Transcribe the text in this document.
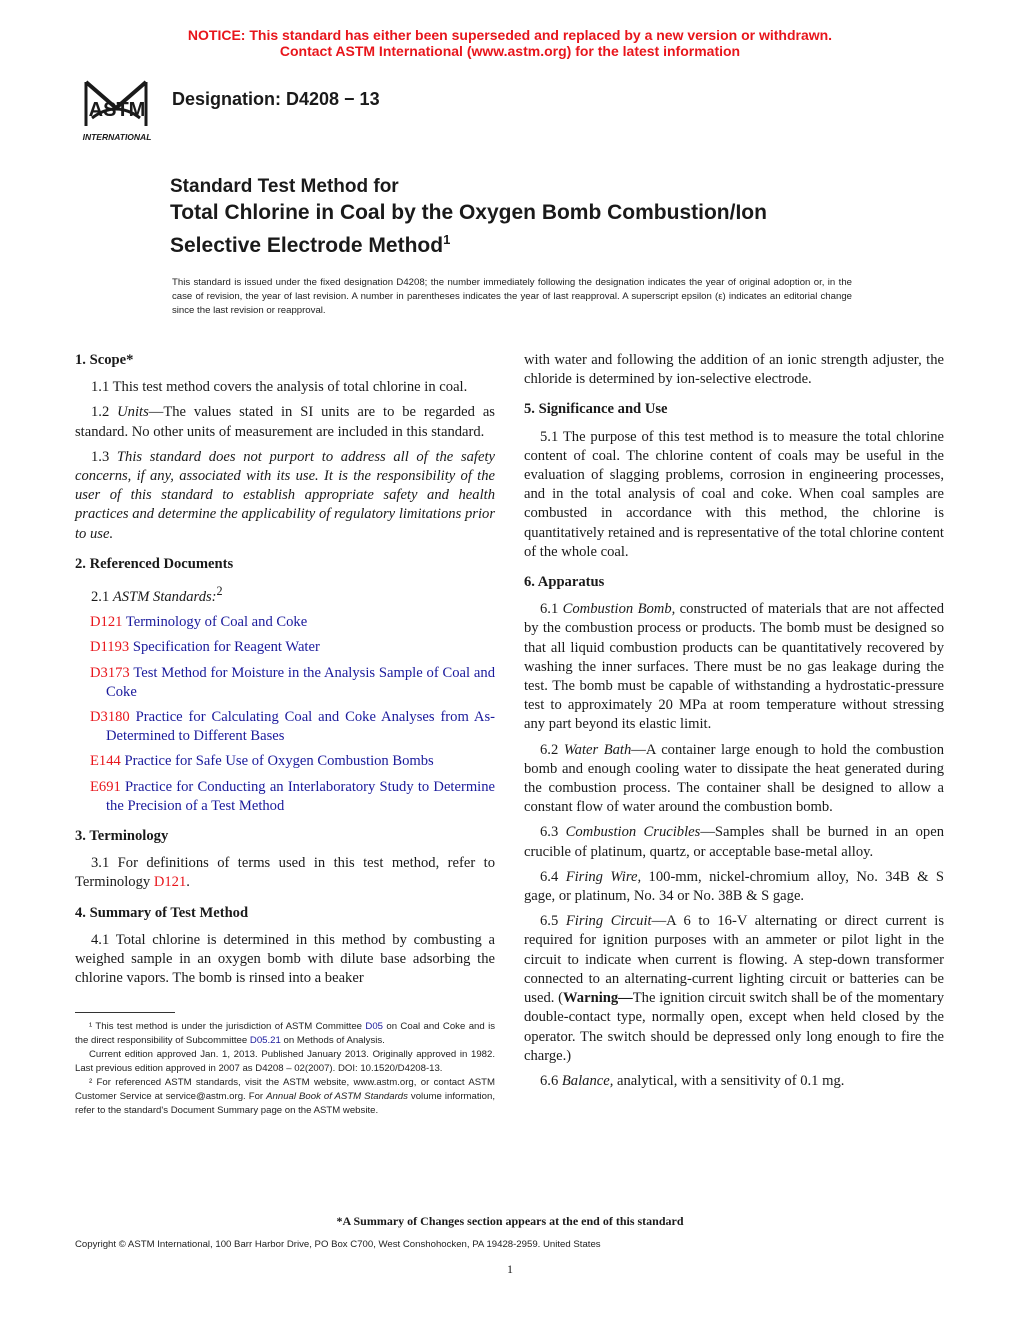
NOTICE: This standard has either been superseded and replaced by a new version or withdrawn.
Contact ASTM International (www.astm.org) for the latest information
ASTM
INTERNATIONAL
Designation: D4208 − 13
Standard Test Method for
Total Chlorine in Coal by the Oxygen Bomb Combustion/Ion
Selective Electrode Method$^1$
This standard is issued under the fixed designation D4208; the number immediately following the designation indicates the year of original adoption or, in the case of revision, the year of last revision. A number in parentheses indicates the year of last reapproval. A superscript epsilon (ε) indicates an editorial change since the last revision or reapproval.
1. Scope*

1.1 This test method covers the analysis of total chlorine in coal.

1.2 Units—The values stated in SI units are to be regarded as standard. No other units of measurement are included in this standard.

1.3 This standard does not purport to address all of the safety concerns, if any, associated with its use. It is the responsibility of the user of this standard to establish appropriate safety and health practices and determine the applicability of regulatory limitations prior to use.

2. Referenced Documents

2.1 ASTM Standards:$^2$

D121 Terminology of Coal and Coke

D1193 Specification for Reagent Water

D3173 Test Method for Moisture in the Analysis Sample of Coal and Coke

D3180 Practice for Calculating Coal and Coke Analyses from As-Determined to Different Bases

E144 Practice for Safe Use of Oxygen Combustion Bombs

E691 Practice for Conducting an Interlaboratory Study to Determine the Precision of a Test Method

3. Terminology

3.1 For definitions of terms used in this test method, refer to Terminology D121.

4. Summary of Test Method

4.1 Total chlorine is determined in this method by combusting a weighed sample in an oxygen bomb with dilute base adsorbing the chlorine vapors. The bomb is rinsed into a beaker

with water and following the addition of an ionic strength adjuster, the chloride is determined by ion-selective electrode.

5. Significance and Use

5.1 The purpose of this test method is to measure the total chlorine content of coal. The chlorine content of coals may be useful in the evaluation of slagging problems, corrosion in engineering processes, and in the total analysis of coal and coke. When coal samples are combusted in accordance with this method, the chlorine is quantitatively retained and is representative of the total chlorine content of the whole coal.

6. Apparatus

6.1 Combustion Bomb, constructed of materials that are not affected by the combustion process or products. The bomb must be designed so that all liquid combustion products can be quantitatively recovered by washing the inner surfaces. There must be no gas leakage during the test. The bomb must be capable of withstanding a hydrostatic-pressure test to approximately 20 MPa at room temperature without stressing any part beyond its elastic limit.

6.2 Water Bath—A container large enough to hold the combustion bomb and enough cooling water to dissipate the heat generated during the combustion process. The container shall be designed to allow a constant flow of water around the combustion bomb.

6.3 Combustion Crucibles—Samples shall be burned in an open crucible of platinum, quartz, or acceptable base-metal alloy.

6.4 Firing Wire, 100-mm, nickel-chromium alloy, No. 34B & S gage, or platinum, No. 34 or No. 38B & S gage.

6.5 Firing Circuit—A 6 to 16-V alternating or direct current is required for ignition purposes with an ammeter or pilot light in the circuit to indicate when current is flowing. A step-down transformer connected to an alternating-current lighting circuit or batteries can be used. (Warning—The ignition circuit switch shall be of the momentary double-contact type, normally open, except when held closed by the operator. The switch should be depressed only long enough to fire the charge.)

6.6 Balance, analytical, with a sensitivity of 0.1 mg.

¹ This test method is under the jurisdiction of ASTM Committee D05 on Coal and Coke and is the direct responsibility of Subcommittee D05.21 on Methods of Analysis.

Current edition approved Jan. 1, 2013. Published January 2013. Originally approved in 1982. Last previous edition approved in 2007 as D4208 – 02(2007). DOI: 10.1520/D4208-13.

² For referenced ASTM standards, visit the ASTM website, www.astm.org, or contact ASTM Customer Service at service@astm.org. For Annual Book of ASTM Standards volume information, refer to the standard's Document Summary page on the ASTM website.

*A Summary of Changes section appears at the end of this standard
Copyright © ASTM International, 100 Barr Harbor Drive, PO Box C700, West Conshohocken, PA 19428-2959. United States
1
